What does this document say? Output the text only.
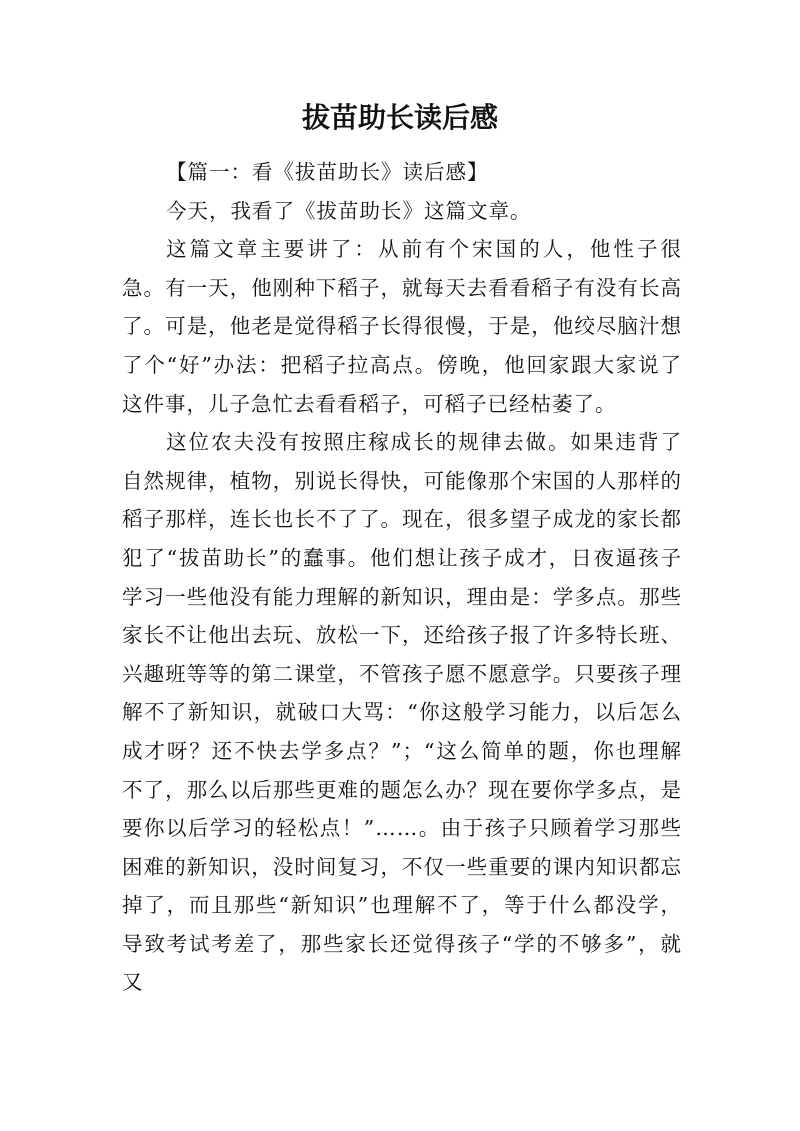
拔苗助长读后感

【篇一：看《拔苗助长》读后感】

今天，我看了《拔苗助长》这篇文章。

这篇文章主要讲了：从前有个宋国的人，他性子很急。有一天，他刚种下稻子，就每天去看看稻子有没有长高了。可是，他老是觉得稻子长得很慢，于是，他绞尽脑汁想了个“好”办法：把稻子拉高点。傍晚，他回家跟大家说了这件事，儿子急忙去看看稻子，可稻子已经枯萎了。

这位农夫没有按照庄稼成长的规律去做。如果违背了自然规律，植物，别说长得快，可能像那个宋国的人那样的稻子那样，连长也长不了了。现在，很多望子成龙的家长都犯了“拔苗助长”的蠢事。他们想让孩子成才，日夜逼孩子学习一些他没有能力理解的新知识，理由是：学多点。那些家长不让他出去玩、放松一下，还给孩子报了许多特长班、兴趣班等等的第二课堂，不管孩子愿不愿意学。只要孩子理解不了新知识，就破口大骂：“你这般学习能力，以后怎么成才呀？还不快去学多点？”；“这么简单的题，你也理解不了，那么以后那些更难的题怎么办？现在要你学多点，是要你以后学习的轻松点！”……。由于孩子只顾着学习那些困难的新知识，没时间复习，不仅一些重要的课内知识都忘掉了，而且那些“新知识”也理解不了，等于什么都没学，导致考试考差了，那些家长还觉得孩子“学的不够多”，就又
